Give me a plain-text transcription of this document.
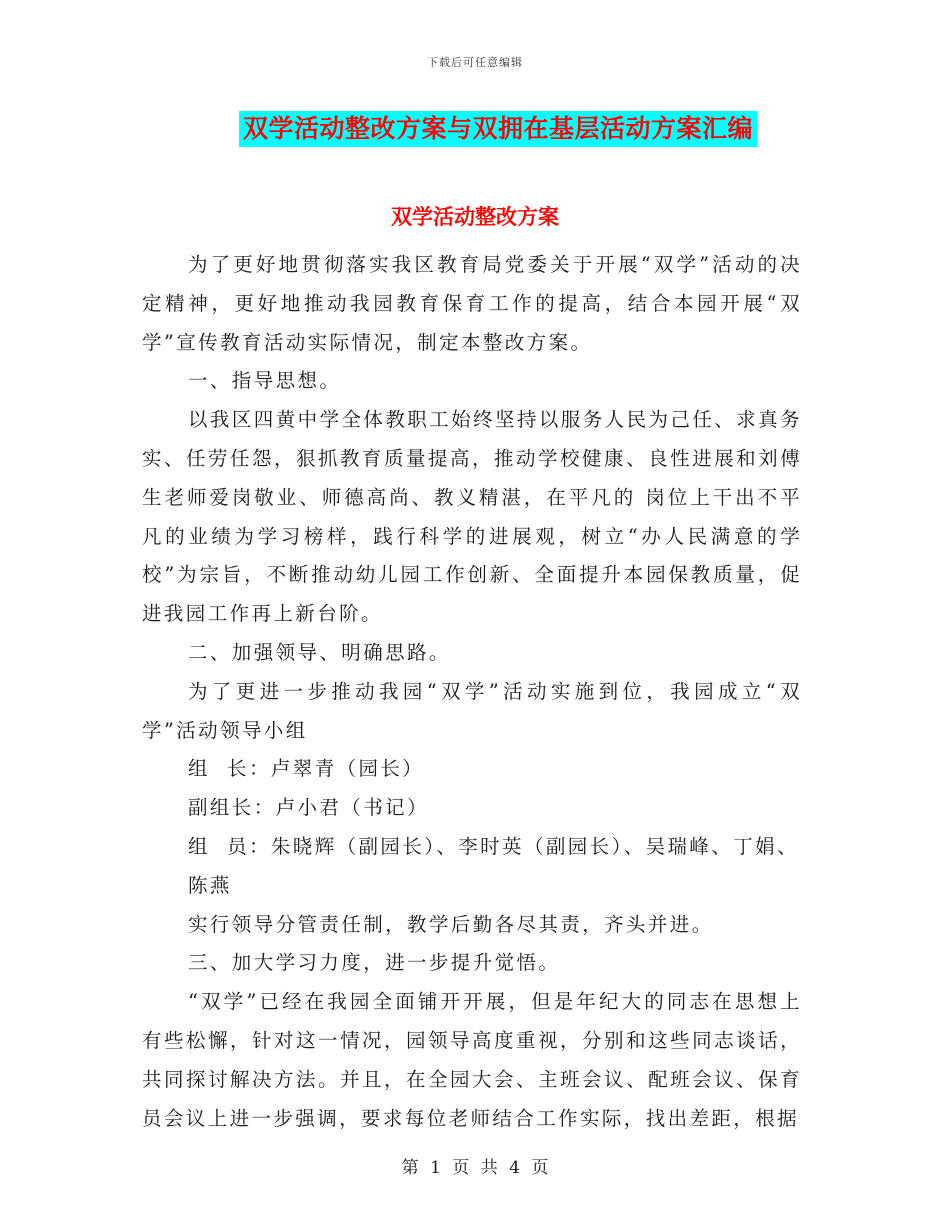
下载后可任意编辑
双学活动整改方案与双拥在基层活动方案汇编
双学活动整改方案

为了更好地贯彻落实我区教育局党委关于开展“双学”活动的决定精神，更好地推动我园教育保育工作的提高，结合本园开展“双学”宣传教育活动实际情况，制定本整改方案。

一、指导思想。

以我区四黄中学全体教职工始终坚持以服务人民为己任、求真务实、任劳任怨，狠抓教育质量提高，推动学校健康、良性进展和刘傅生老师爱岗敬业、师德高尚、教义精湛，在平凡的 岗位上干出不平凡的业绩为学习榜样，践行科学的进展观，树立“办人民满意的学校”为宗旨，不断推动幼儿园工作创新、全面提升本园保教质量，促进我园工作再上新台阶。

二、加强领导、明确思路。

为了更进一步推动我园“双学”活动实施到位，我园成立“双学”活动领导小组

组  长：卢翠青（园长）

副组长：卢小君（书记）

组  员：朱晓辉（副园长）、李时英（副园长）、吴瑞峰、丁娟、

陈燕

实行领导分管责任制，教学后勤各尽其责，齐头并进。

三、加大学习力度，进一步提升觉悟。

“双学”已经在我园全面铺开开展，但是年纪大的同志在思想上有些松懈，针对这一情况，园领导高度重视，分别和这些同志谈话，共同探讨解决方法。并且，在全园大会、主班会议、配班会议、保育员会议上进一步强调，要求每位老师结合工作实际，找出差距，根据

第 1 页 共 4 页
